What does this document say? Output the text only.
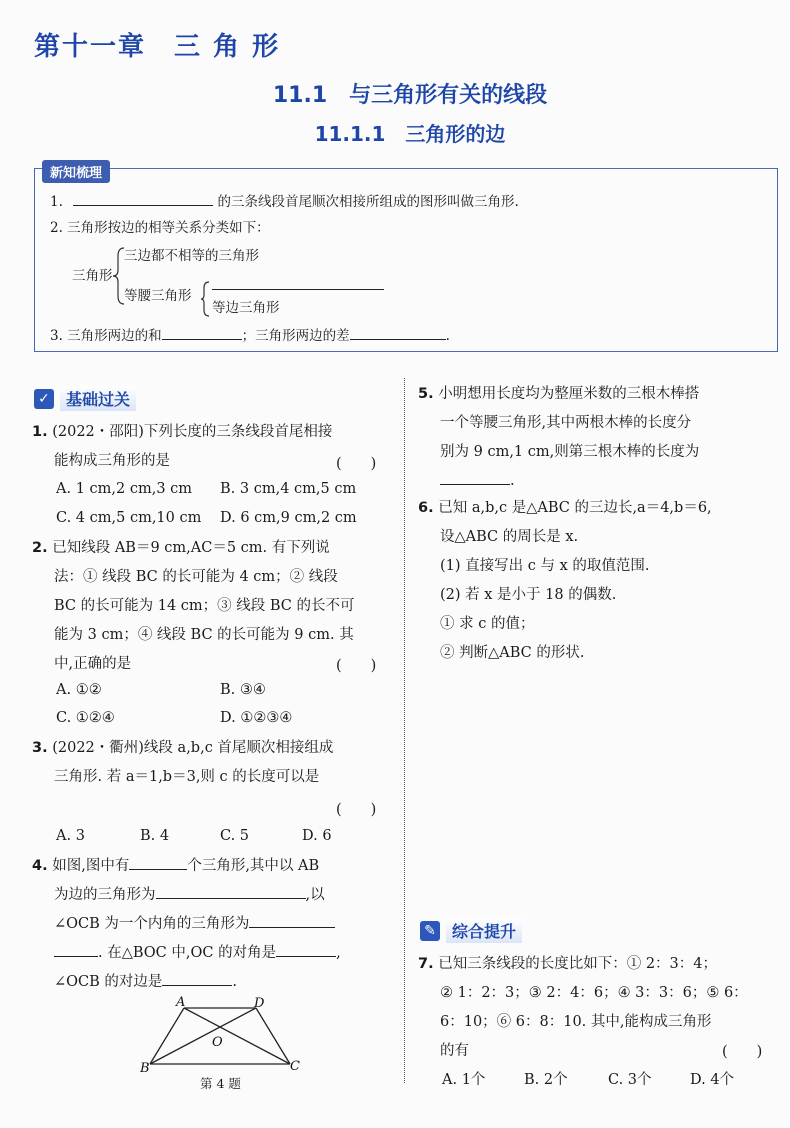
第十一章　三 角 形
11.1　与三角形有关的线段
11.1.1　三角形的边
新知梳理
1.	的三条线段首尾顺次相接所组成的图形叫做三角形.
2. 三角形按边的相等关系分类如下：
三角形
三边都不相等的三角形
等腰三角形
等边三角形
3. 三角形两边的和	；三角形两边的差	.
✓	基础过关
1. (2022・邵阳)下列长度的三条线段首尾相接
能构成三角形的是	(　　)
A. 1 cm,2 cm,3 cm B. 3 cm,4 cm,5 cm
C. 4 cm,5 cm,10 cm D. 6 cm,9 cm,2 cm
2. 已知线段 AB＝9 cm,AC＝5 cm. 有下列说
法：① 线段 BC 的长可能为 4 cm；② 线段
BC 的长可能为 14 cm；③ 线段 BC 的长不可
能为 3 cm；④ 线段 BC 的长可能为 9 cm. 其
中,正确的是	(　　)
A. ①②	B. ③④
C. ①②④	D. ①②③④
3. (2022・衢州)线段 a,b,c 首尾顺次相接组成
三角形. 若 a＝1,b＝3,则 c 的长度可以是
(　　)
A. 3	B. 4	C. 5	D. 6
4. 如图,图中有	个三角形,其中以 AB
为边的三角形为	,以
∠OCB 为一个内角的三角形为
. 在△BOC 中,OC 的对角是	,
∠OCB 的对边是	.
A	D
O
B	C
第 4 题
5. 小明想用长度均为整厘米数的三根木棒搭
一个等腰三角形,其中两根木棒的长度分
别为 9 cm,1 cm,则第三根木棒的长度为
.
6. 已知 a,b,c 是△ABC 的三边长,a＝4,b＝6,
设△ABC 的周长是 x.
(1) 直接写出 c 与 x 的取值范围.
(2) 若 x 是小于 18 的偶数.
① 求 c 的值；
② 判断△ABC 的形状.
✎	综合提升
7. 已知三条线段的长度比如下：① 2：3：4；
② 1：2：3；③ 2：4：6；④ 3：3：6；⑤ 6：
6：10；⑥ 6：8：10. 其中,能构成三角形
的有	(　　)
A. 1个	B. 2个	C. 3个	D. 4个
